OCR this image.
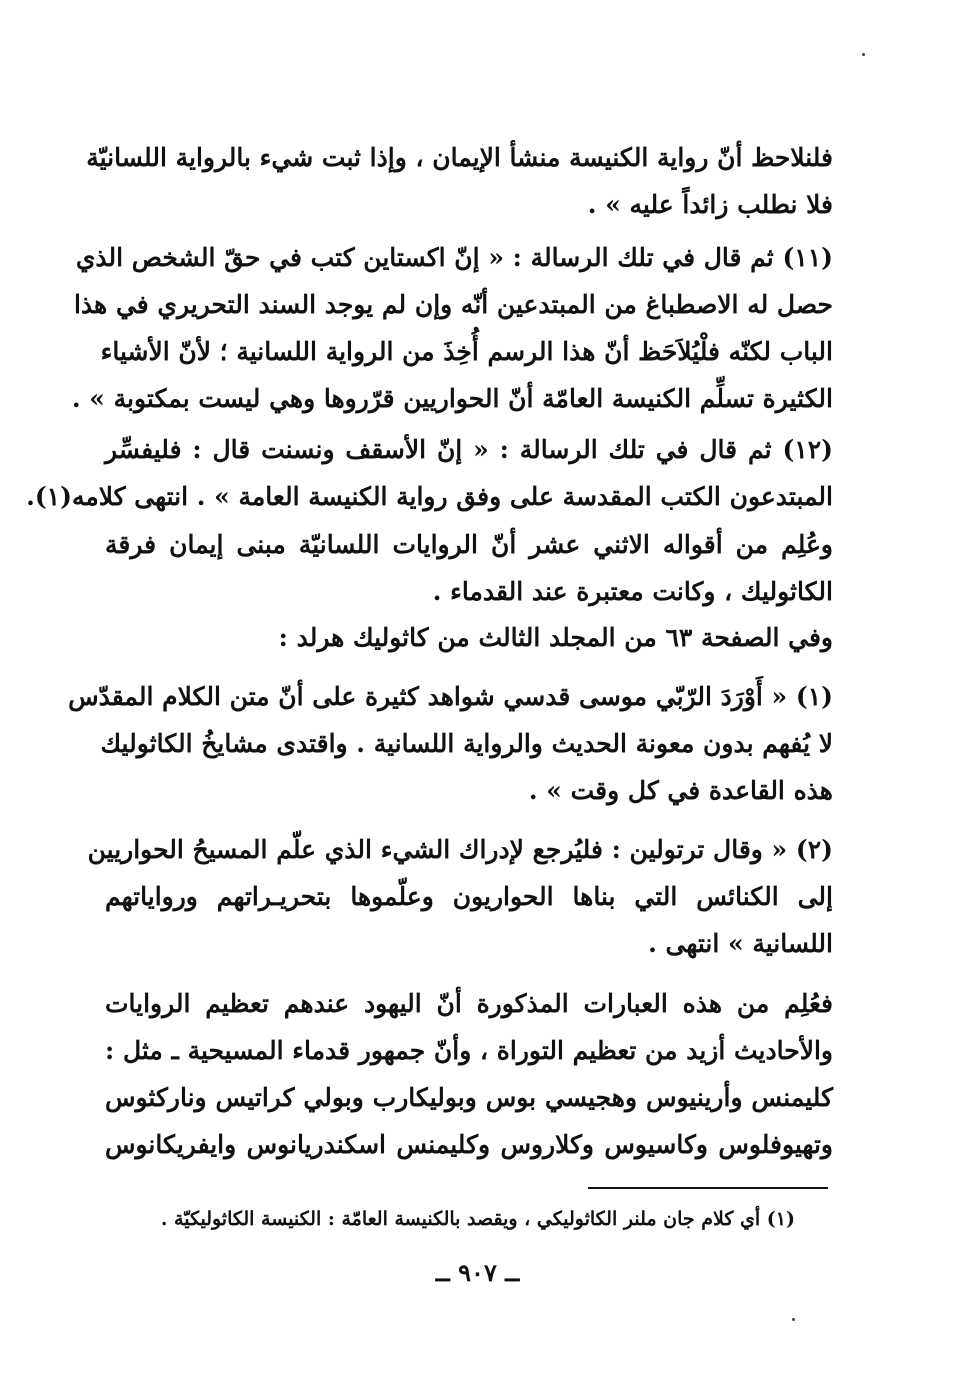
فلنلاحظ أنّ رواية الكنيسة منشأ الإيمان ، وإذا ثبت شيء بالرواية اللسانيّة
فلا نطلب زائداً عليه » .
(١١) ثم قال في تلك الرسالة : « إنّ اكستاين كتب في حقّ الشخص الذي
حصل له الاصطباغ من المبتدعين أنّه وإن لم يوجد السند التحريري في هذا
الباب لكنّه فلْيُلاَحَظ أنّ هذا الرسم أُخِذَ من الرواية اللسانية ؛ لأنّ الأشياء
الكثيرة تسلِّم الكنيسة العامّة أنّ الحواريين قرّروها وهي ليست بمكتوبة » .
(١٢) ثم قال في تلك الرسالة : « إنّ الأسقف ونسنت قال : فليفسِّر
المبتدعون الكتب المقدسة على وفق رواية الكنيسة العامة » . انتهى كلامه(١).
وعُلِم من أقواله الاثني عشر أنّ الروايات اللسانيّة مبنى إيمان فرقة
الكاثوليك ، وكانت معتبرة عند القدماء .
وفي الصفحة ٦٣ من المجلد الثالث من كاثوليك هرلد :
(١) « أَوْرَدَ الرّبّي موسى قدسي شواهد كثيرة على أنّ متن الكلام المقدّس
لا يُفهم بدون معونة الحديث والرواية اللسانية . واقتدى مشايخُ الكاثوليك
هذه القاعدة في كل وقت » .
(٢) « وقال ترتولين : فليُرجع لإدراك الشيء الذي علّم المسيحُ الحواريين
إلى الكنائس التي بناها الحواريون وعلّموها بتحريـراتهم ورواياتهم
اللسانية » انتهى .
فعُلِم من هذه العبارات المذكورة أنّ اليهود عندهم تعظيم الروايات
والأحاديث أزيد من تعظيم التوراة ، وأنّ جمهور قدماء المسيحية ـ مثل :
كليمنس وأرينيوس وهجيسي بوس وبوليكارب وبولي كراتيس وناركثوس
وتهيوفلوس وكاسيوس وكلاروس وكليمنس اسكندريانوس وايفريكانوس
(١) أي كلام جان ملنر الكاثوليكي ، ويقصد بالكنيسة العامّة : الكنيسة الكاثوليكيّة .
ــ ٩٠٧ ــ
